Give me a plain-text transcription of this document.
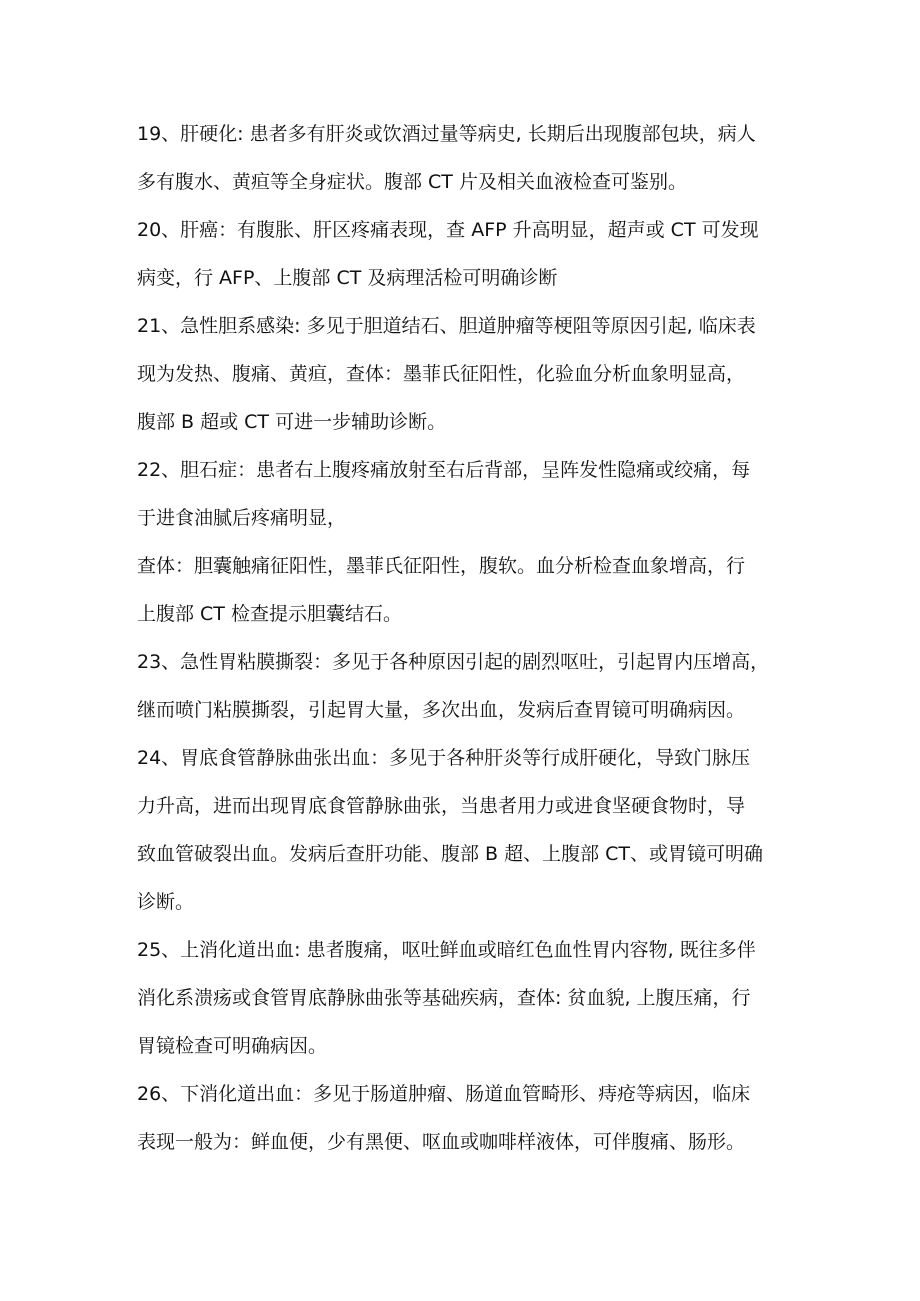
19、肝硬化: 患者多有肝炎或饮酒过量等病史, 长期后出现腹部包块，病人
多有腹水、黄疸等全身症状。腹部 CT 片及相关血液检查可鉴别。
20、肝癌：有腹胀、肝区疼痛表现，查 AFP 升高明显，超声或 CT 可发现
病变，行 AFP、上腹部 CT 及病理活检可明确诊断
21、急性胆系感染: 多见于胆道结石、胆道肿瘤等梗阻等原因引起, 临床表
现为发热、腹痛、黄疸，查体：墨菲氏征阳性，化验血分析血象明显高，
腹部 B 超或 CT 可进一步辅助诊断。
22、胆石症：患者右上腹疼痛放射至右后背部，呈阵发性隐痛或绞痛，每
于进食油腻后疼痛明显，
查体：胆囊触痛征阳性，墨菲氏征阳性，腹软。血分析检查血象增高，行
上腹部 CT 检查提示胆囊结石。
23、急性胃粘膜撕裂：多见于各种原因引起的剧烈呕吐，引起胃内压增高，
继而喷门粘膜撕裂，引起胃大量，多次出血，发病后查胃镜可明确病因。
24、胃底食管静脉曲张出血：多见于各种肝炎等行成肝硬化，导致门脉压
力升高，进而出现胃底食管静脉曲张，当患者用力或进食坚硬食物时，导
致血管破裂出血。发病后查肝功能、腹部 B 超、上腹部 CT、或胃镜可明确
诊断。
25、上消化道出血: 患者腹痛，呕吐鲜血或暗红色血性胃内容物, 既往多伴
消化系溃疡或食管胃底静脉曲张等基础疾病，查体: 贫血貌, 上腹压痛，行
胃镜检查可明确病因。
26、下消化道出血：多见于肠道肿瘤、肠道血管畸形、痔疮等病因，临床
表现一般为：鲜血便，少有黑便、呕血或咖啡样液体，可伴腹痛、肠形。
